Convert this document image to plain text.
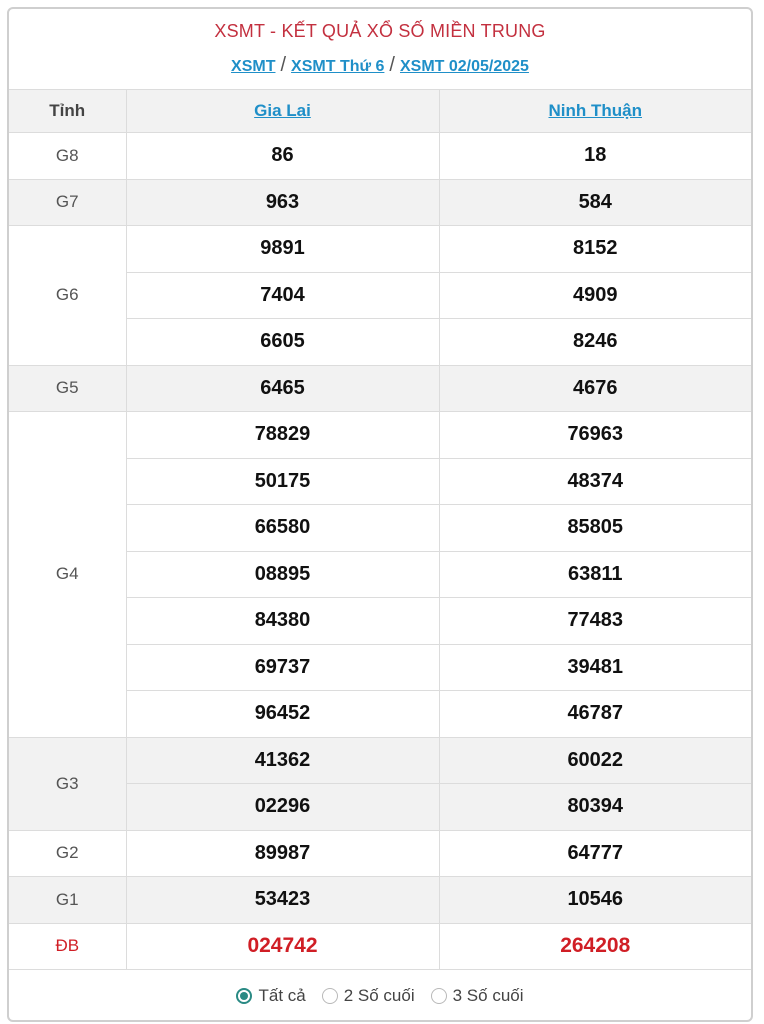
XSMT - KẾT QUẢ XỔ SỐ MIỀN TRUNG
XSMT / XSMT Thứ 6 / XSMT 02/05/2025
Tỉnh	Gia Lai	Ninh Thuận
G8	86	18
G7	963	584
G6	9891	8152
	7404	4909
	6605	8246
G5	6465	4676
G4	78829	76963
	50175	48374
	66580	85805
	08895	63811
	84380	77483
	69737	39481
	96452	46787
G3	41362	60022
	02296	80394
G2	89987	64777
G1	53423	10546
ĐB	024742	264208
Tất cả 2 Số cuối 3 Số cuối
